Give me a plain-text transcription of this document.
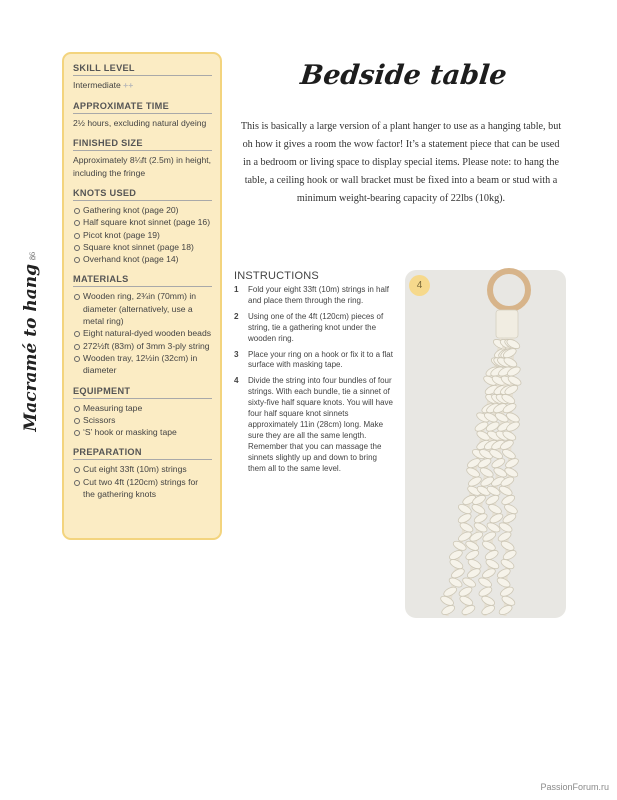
86
Macramé to hang
SKILL LEVEL
Intermediate ++
APPROXIMATE TIME
2½ hours, excluding natural dyeing
FINISHED SIZE
Approximately 8¼ft (2.5m) in height, including the fringe
KNOTS USED
Gathering knot (page 20)
Half square knot sinnet (page 16)
Picot knot (page 19)
Square knot sinnet (page 18)
Overhand knot (page 14)
MATERIALS
Wooden ring, 2¾in (70mm) in diameter (alternatively, use a metal ring)
Eight natural-dyed wooden beads
272½ft (83m) of 3mm 3-ply string
Wooden tray, 12½in (32cm) in diameter
EQUIPMENT
Measuring tape
Scissors
‘S’ hook or masking tape
PREPARATION
Cut eight 33ft (10m) strings
Cut two 4ft (120cm) strings for the gathering knots
Bedside table
This is basically a large version of a plant hanger to use as a hanging table, but oh how it gives a room the wow factor! It’s a statement piece that can be used in a bedroom or living space to display special items. Please note: to hang the table, a ceiling hook or wall bracket must be fixed into a beam or stud with a minimum weight-bearing capacity of 22lbs (10kg).
INSTRUCTIONS
1 Fold your eight 33ft (10m) strings in half and place them through the ring.
2 Using one of the 4ft (120cm) pieces of string, tie a gathering knot under the wooden ring.
3 Place your ring on a hook or fix it to a flat surface with masking tape.
4 Divide the string into four bundles of four strings. With each bundle, tie a sinnet of sixty-five half square knots. You will have four half square knot sinnets approximately 11in (28cm) long. Make sure they are all the same length. Remember that you can massage the sinnets slightly up and down to bring them all to the same level.
4
PassionForum.ru
